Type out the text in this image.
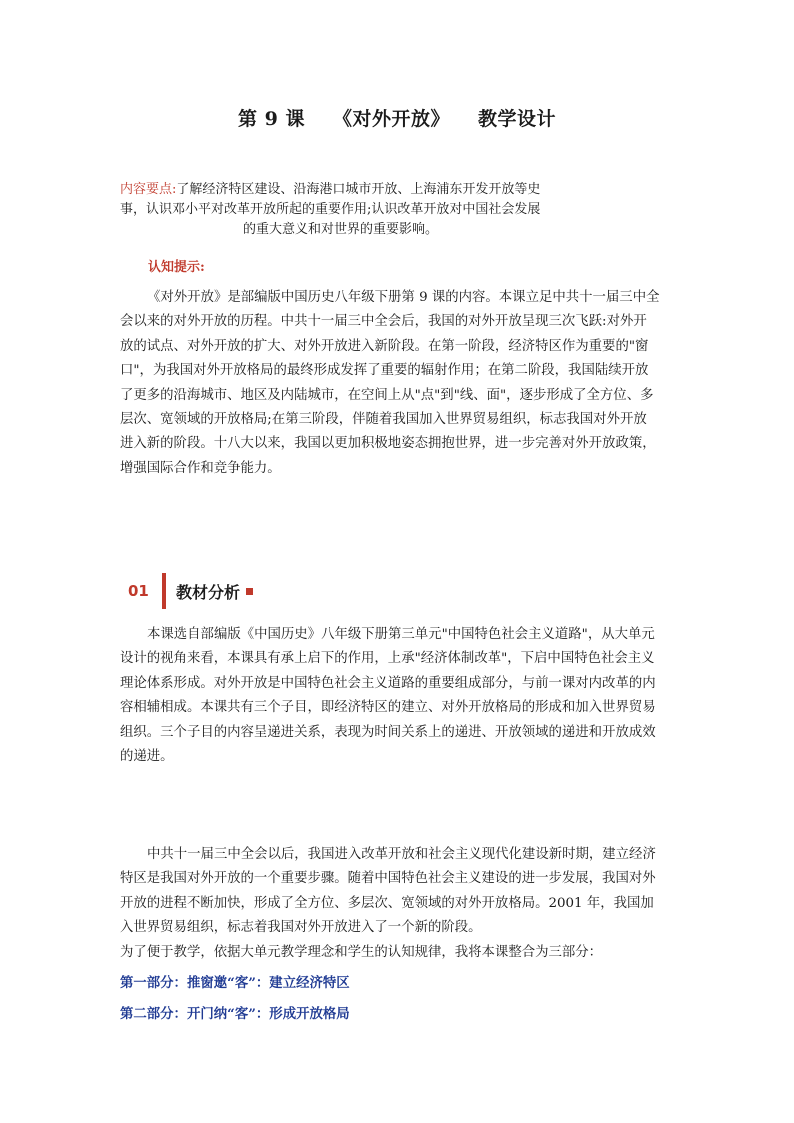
第 9 课 《对外开放》 教学设计
内容要点:了解经济特区建设、沿海港口城市开放、上海浦东开发开放等史
事，认识邓小平对改革开放所起的重要作用;认识改革开放对中国社会发展
的重大意义和对世界的重要影响。
认知提示:
《对外开放》是部编版中国历史八年级下册第 9 课的内容。本课立足中共十一届三中全
会以来的对外开放的历程。中共十一届三中全会后，我国的对外开放呈现三次飞跃:对外开
放的试点、对外开放的扩大、对外开放进入新阶段。在第一阶段，经济特区作为重要的"窗
口"，为我国对外开放格局的最终形成发挥了重要的辐射作用；在第二阶段，我国陆续开放
了更多的沿海城市、地区及内陆城市，在空间上从"点"到"线、面"，逐步形成了全方位、多
层次、宽领域的开放格局;在第三阶段，伴随着我国加入世界贸易组织，标志我国对外开放
进入新的阶段。十八大以来，我国以更加积极地姿态拥抱世界，进一步完善对外开放政策，
增强国际合作和竞争能力。
01	教材分析
本课选自部编版《中国历史》八年级下册第三单元"中国特色社会主义道路"，从大单元
设计的视角来看，本课具有承上启下的作用，上承"经济体制改革"，下启中国特色社会主义
理论体系形成。对外开放是中国特色社会主义道路的重要组成部分，与前一课对内改革的内
容相辅相成。本课共有三个子目，即经济特区的建立、对外开放格局的形成和加入世界贸易
组织。三个子目的内容呈递进关系，表现为时间关系上的递进、开放领域的递进和开放成效
的递进。
中共十一届三中全会以后，我国进入改革开放和社会主义现代化建设新时期，建立经济
特区是我国对外开放的一个重要步骤。随着中国特色社会主义建设的进一步发展，我国对外
开放的进程不断加快，形成了全方位、多层次、宽领域的对外开放格局。2001 年，我国加
入世界贸易组织，标志着我国对外开放进入了一个新的阶段。
为了便于教学，依据大单元教学理念和学生的认知规律，我将本课整合为三部分：
第一部分：推窗邀“客”：建立经济特区
第二部分：开门纳“客”：形成开放格局
